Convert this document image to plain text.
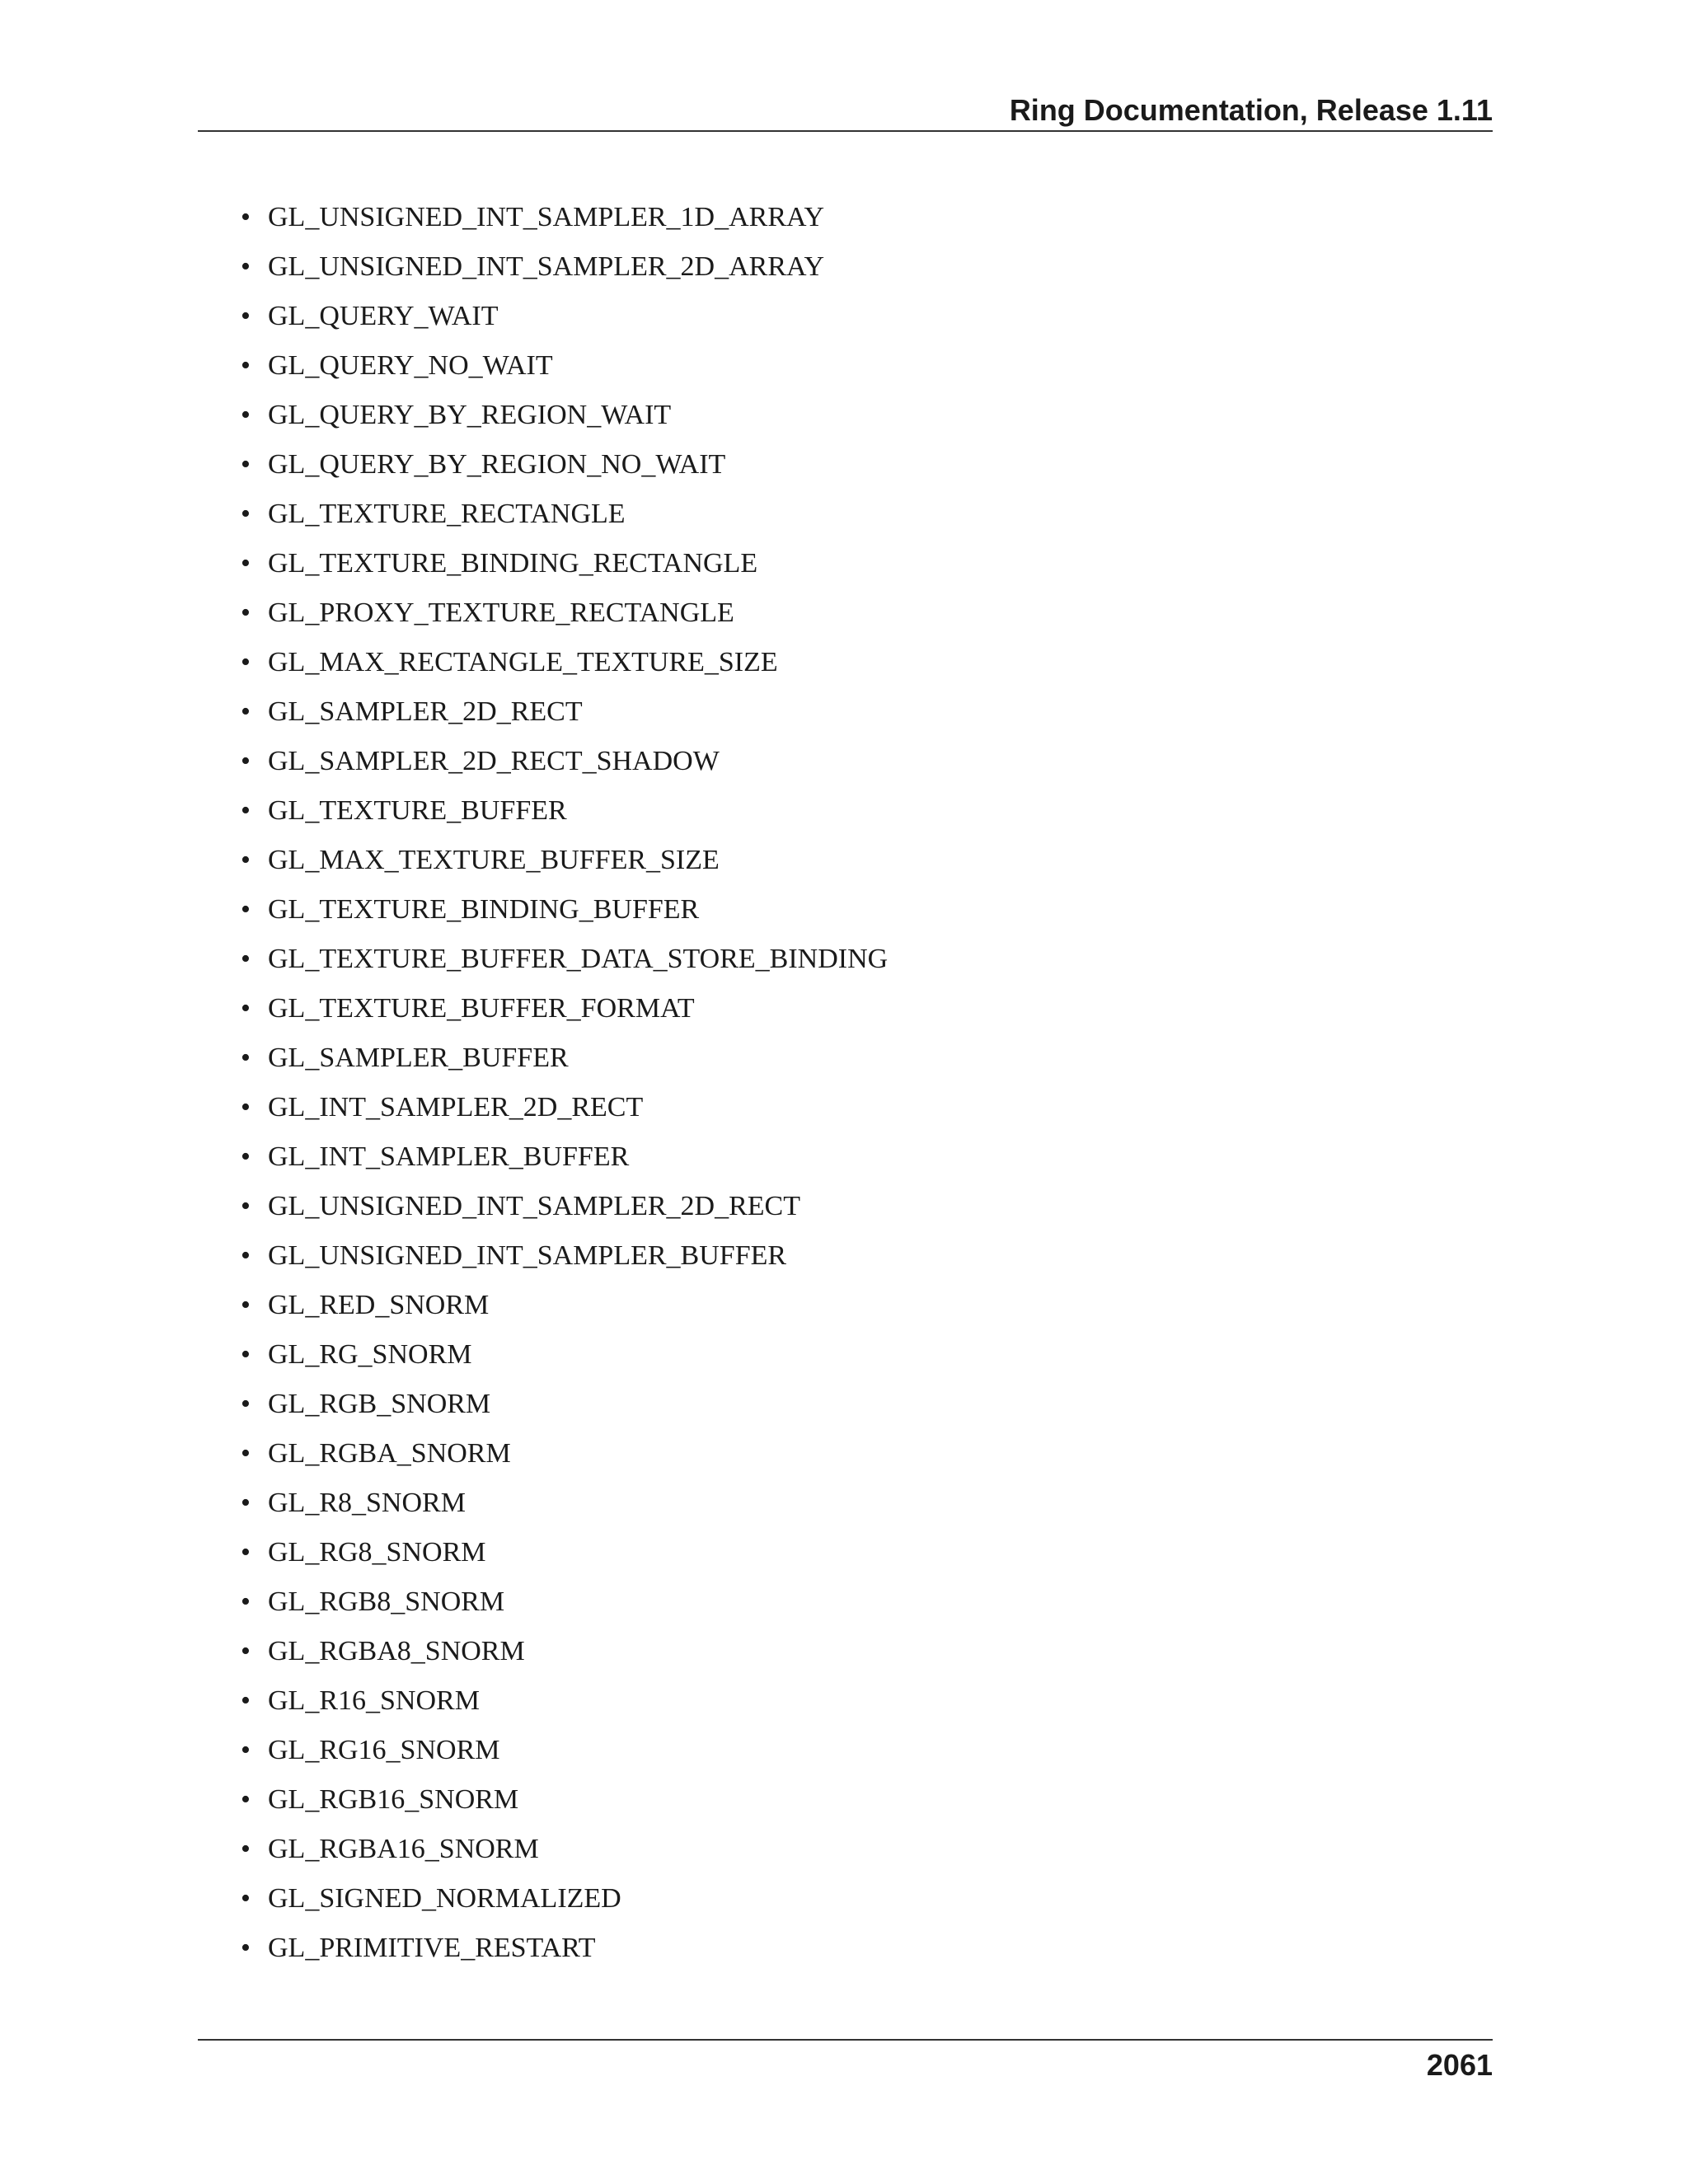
Ring Documentation, Release 1.11
• GL_UNSIGNED_INT_SAMPLER_1D_ARRAY
• GL_UNSIGNED_INT_SAMPLER_2D_ARRAY
• GL_QUERY_WAIT
• GL_QUERY_NO_WAIT
• GL_QUERY_BY_REGION_WAIT
• GL_QUERY_BY_REGION_NO_WAIT
• GL_TEXTURE_RECTANGLE
• GL_TEXTURE_BINDING_RECTANGLE
• GL_PROXY_TEXTURE_RECTANGLE
• GL_MAX_RECTANGLE_TEXTURE_SIZE
• GL_SAMPLER_2D_RECT
• GL_SAMPLER_2D_RECT_SHADOW
• GL_TEXTURE_BUFFER
• GL_MAX_TEXTURE_BUFFER_SIZE
• GL_TEXTURE_BINDING_BUFFER
• GL_TEXTURE_BUFFER_DATA_STORE_BINDING
• GL_TEXTURE_BUFFER_FORMAT
• GL_SAMPLER_BUFFER
• GL_INT_SAMPLER_2D_RECT
• GL_INT_SAMPLER_BUFFER
• GL_UNSIGNED_INT_SAMPLER_2D_RECT
• GL_UNSIGNED_INT_SAMPLER_BUFFER
• GL_RED_SNORM
• GL_RG_SNORM
• GL_RGB_SNORM
• GL_RGBA_SNORM
• GL_R8_SNORM
• GL_RG8_SNORM
• GL_RGB8_SNORM
• GL_RGBA8_SNORM
• GL_R16_SNORM
• GL_RG16_SNORM
• GL_RGB16_SNORM
• GL_RGBA16_SNORM
• GL_SIGNED_NORMALIZED
• GL_PRIMITIVE_RESTART
2061
